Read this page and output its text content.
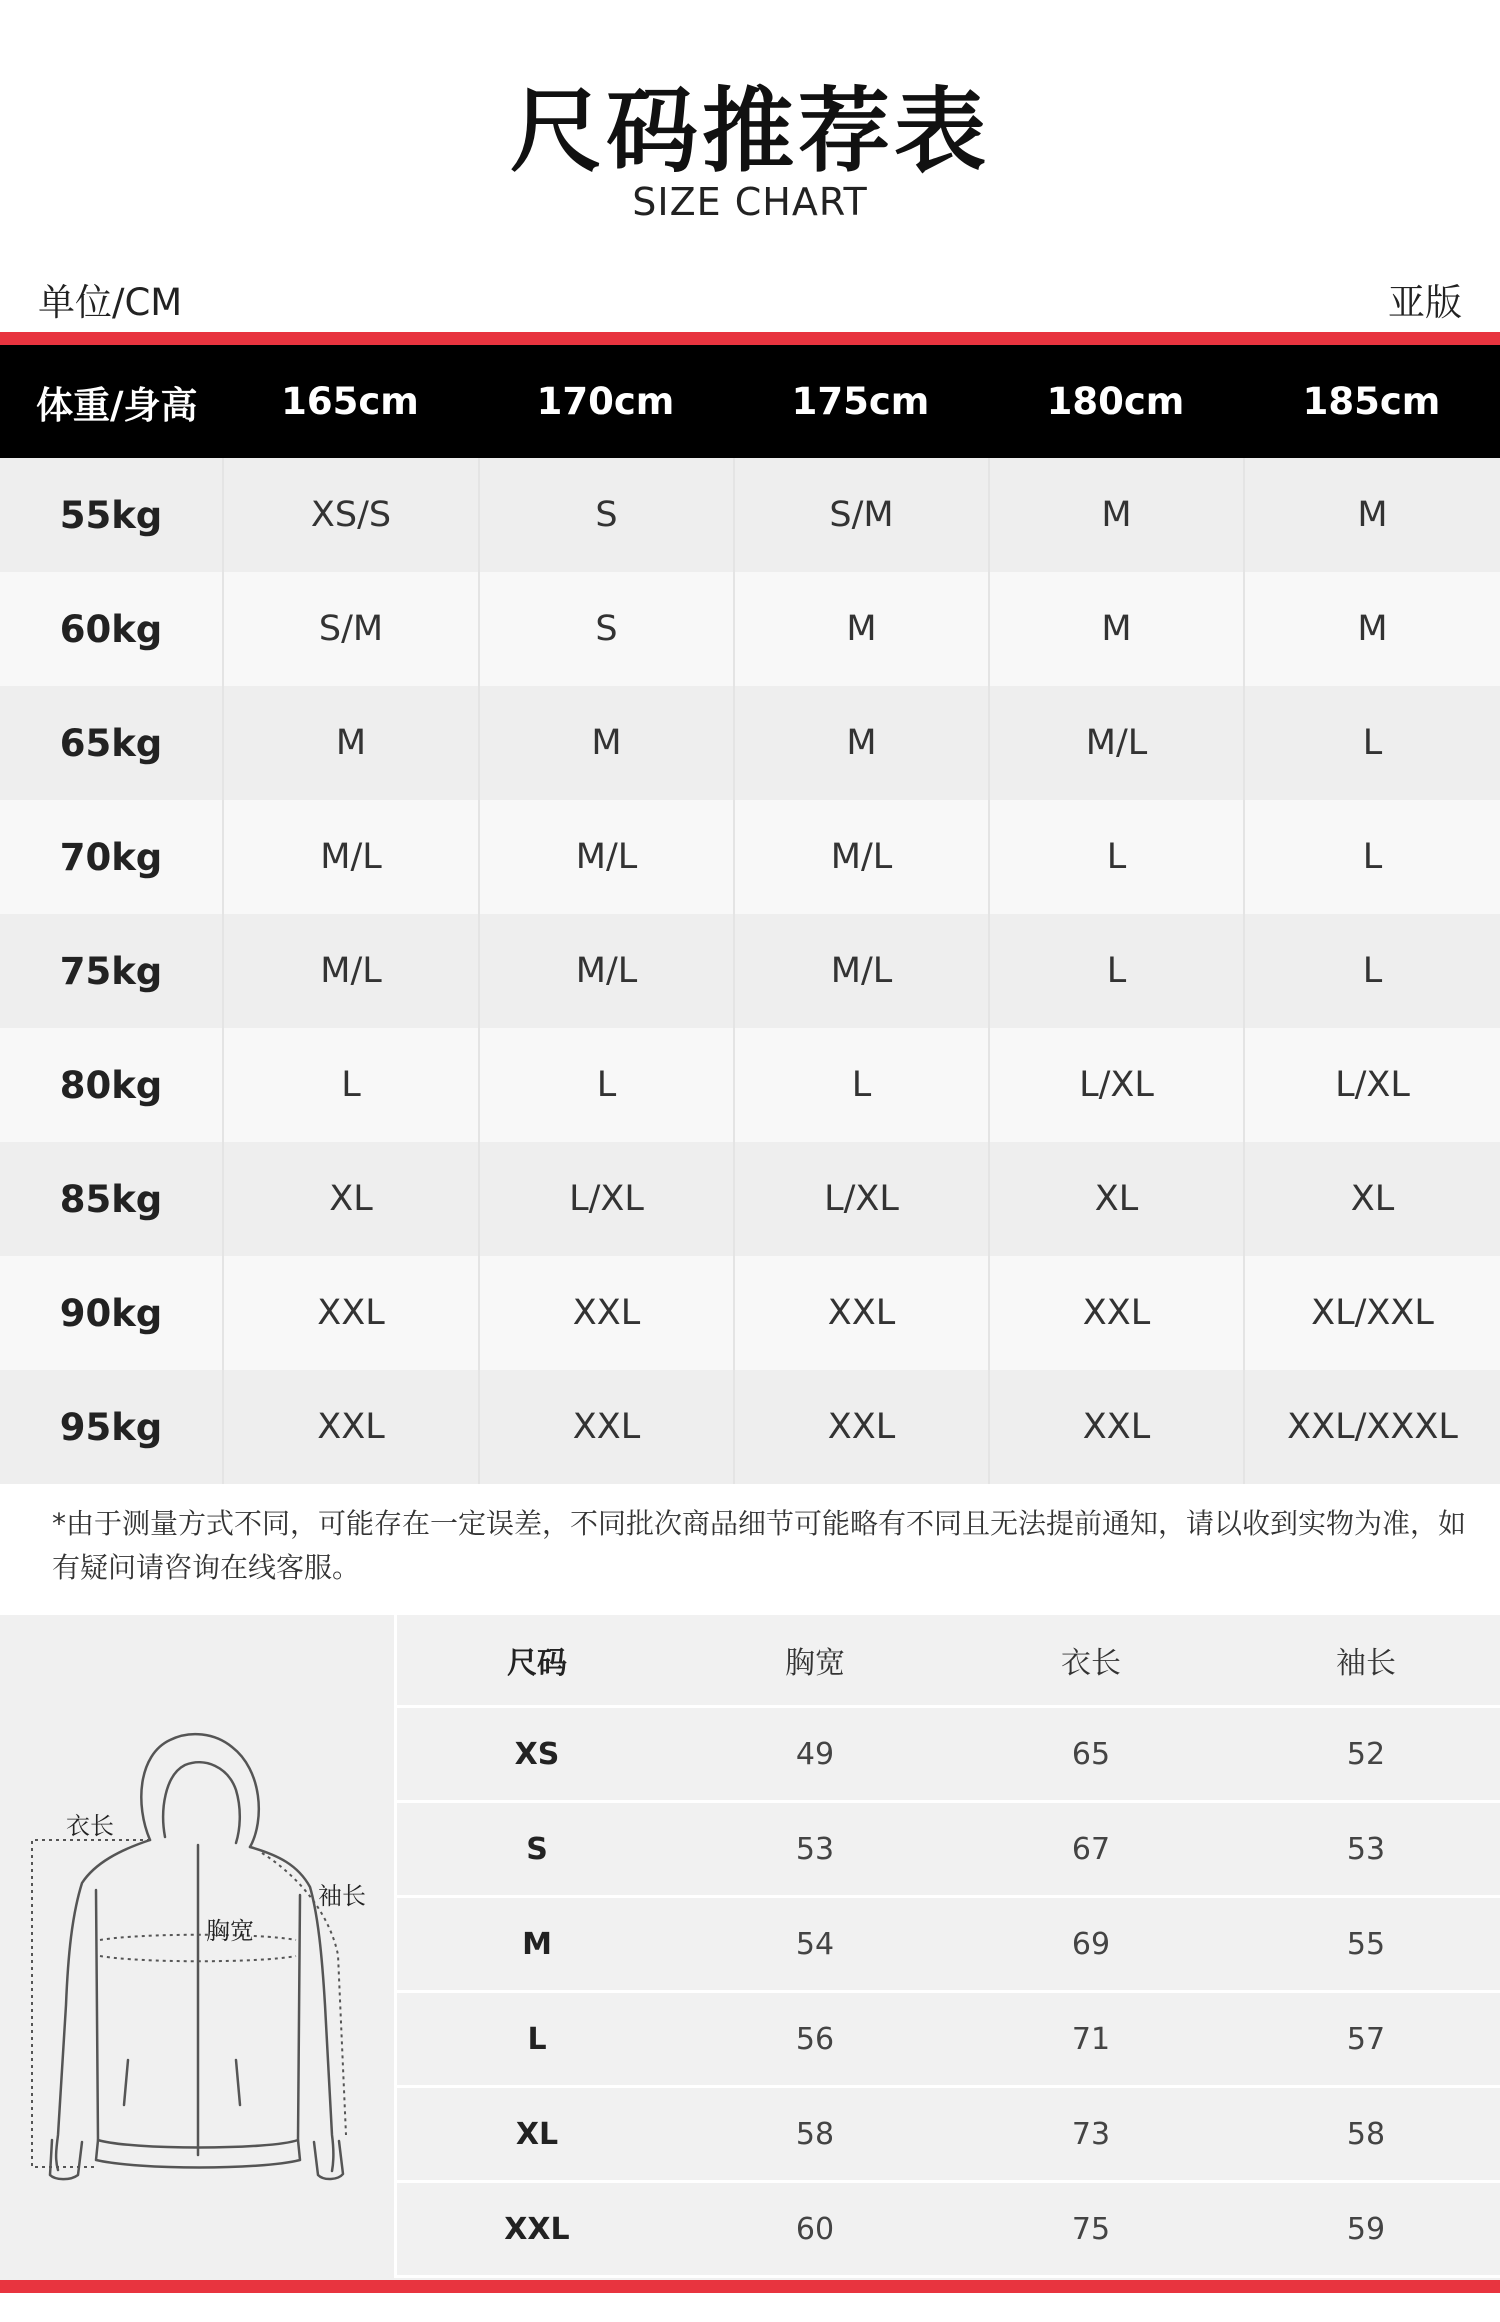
尺码推荐表
SIZE CHART
单位/CM	亚版
体重/身高	165cm	170cm	175cm	180cm	185cm
55kg	XS/S	S	S/M	M	M
60kg	S/M	S	M	M	M
65kg	M	M	M	M/L	L
70kg	M/L	M/L	M/L	L	L
75kg	M/L	M/L	M/L	L	L
80kg	L	L	L	L/XL	L/XL
85kg	XL	L/XL	L/XL	XL	XL
90kg	XXL	XXL	XXL	XXL	XL/XXL
95kg	XXL	XXL	XXL	XXL	XXL/XXXL
*由于测量方式不同，可能存在一定误差，不同批次商品细节可能略有不同且无法提前通知，请以收到实物为准，如有疑问请咨询在线客服。
衣长
袖长
胸宽
尺码	胸宽	衣长	袖长
XS	49	65	52
S	53	67	53
M	54	69	55
L	56	71	57
XL	58	73	58
XXL	60	75	59
